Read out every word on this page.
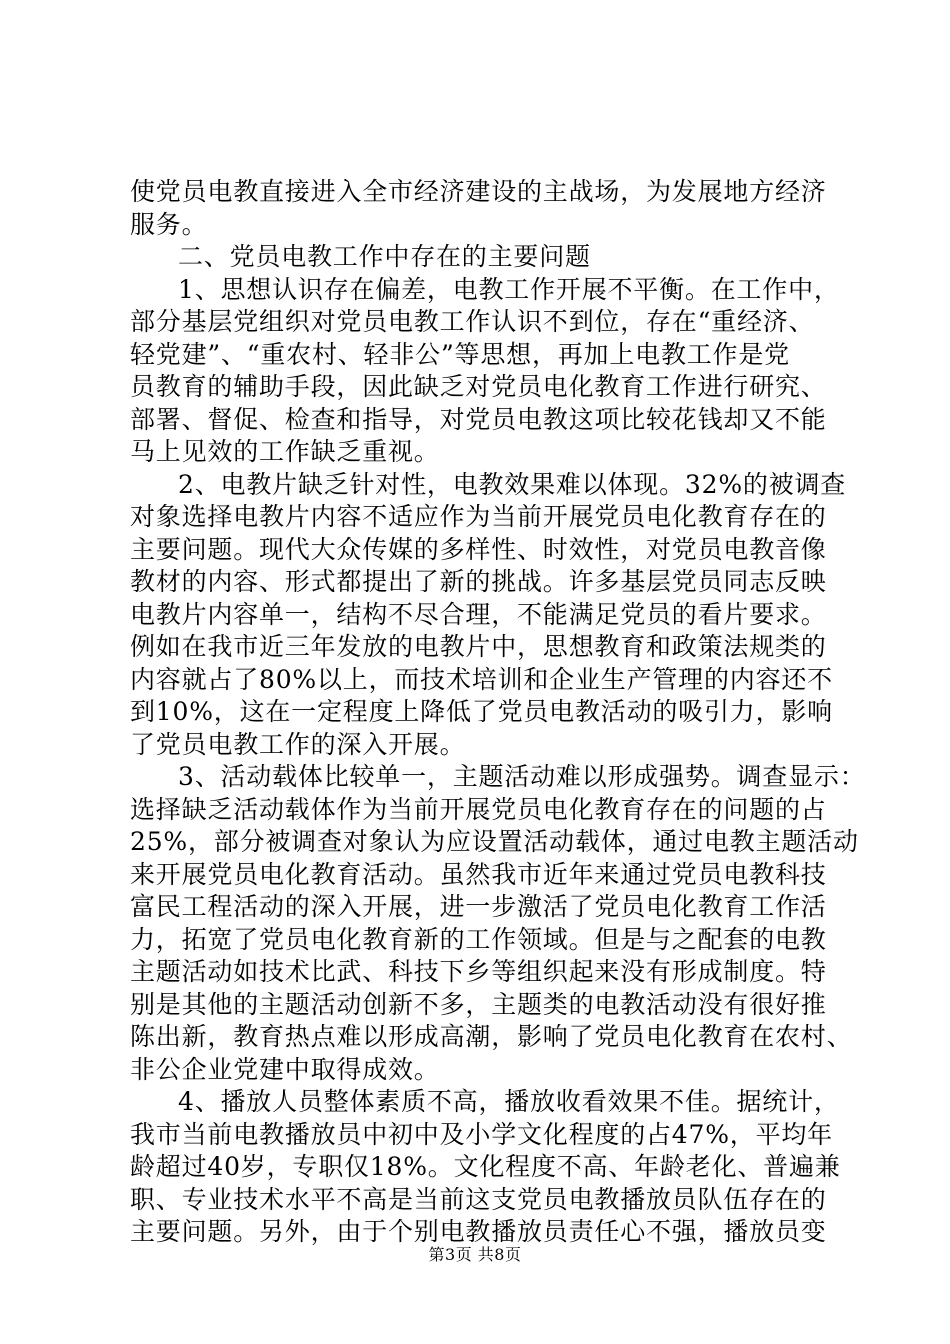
使党员电教直接进入全市经济建设的主战场，为发展地方经济
服务。
二、党员电教工作中存在的主要问题
1、思想认识存在偏差，电教工作开展不平衡。在工作中，
部分基层党组织对党员电教工作认识不到位，存在“重经济、
轻党建”、“重农村、轻非公”等思想，再加上电教工作是党
员教育的辅助手段，因此缺乏对党员电化教育工作进行研究、
部署、督促、检查和指导，对党员电教这项比较花钱却又不能
马上见效的工作缺乏重视。
2、电教片缺乏针对性，电教效果难以体现。32%的被调查
对象选择电教片内容不适应作为当前开展党员电化教育存在的
主要问题。现代大众传媒的多样性、时效性，对党员电教音像
教材的内容、形式都提出了新的挑战。许多基层党员同志反映
电教片内容单一，结构不尽合理，不能满足党员的看片要求。
例如在我市近三年发放的电教片中，思想教育和政策法规类的
内容就占了80%以上，而技术培训和企业生产管理的内容还不
到10%，这在一定程度上降低了党员电教活动的吸引力，影响
了党员电教工作的深入开展。
3、活动载体比较单一，主题活动难以形成强势。调查显示：
选择缺乏活动载体作为当前开展党员电化教育存在的问题的占
25%，部分被调查对象认为应设置活动载体，通过电教主题活动
来开展党员电化教育活动。虽然我市近年来通过党员电教科技
富民工程活动的深入开展，进一步激活了党员电化教育工作活
力，拓宽了党员电化教育新的工作领域。但是与之配套的电教
主题活动如技术比武、科技下乡等组织起来没有形成制度。特
别是其他的主题活动创新不多，主题类的电教活动没有很好推
陈出新，教育热点难以形成高潮，影响了党员电化教育在农村、
非公企业党建中取得成效。
4、播放人员整体素质不高，播放收看效果不佳。据统计，
我市当前电教播放员中初中及小学文化程度的占47%，平均年
龄超过40岁，专职仅18%。文化程度不高、年龄老化、普遍兼
职、专业技术水平不高是当前这支党员电教播放员队伍存在的
主要问题。另外，由于个别电教播放员责任心不强，播放员变
第3页 共8页
